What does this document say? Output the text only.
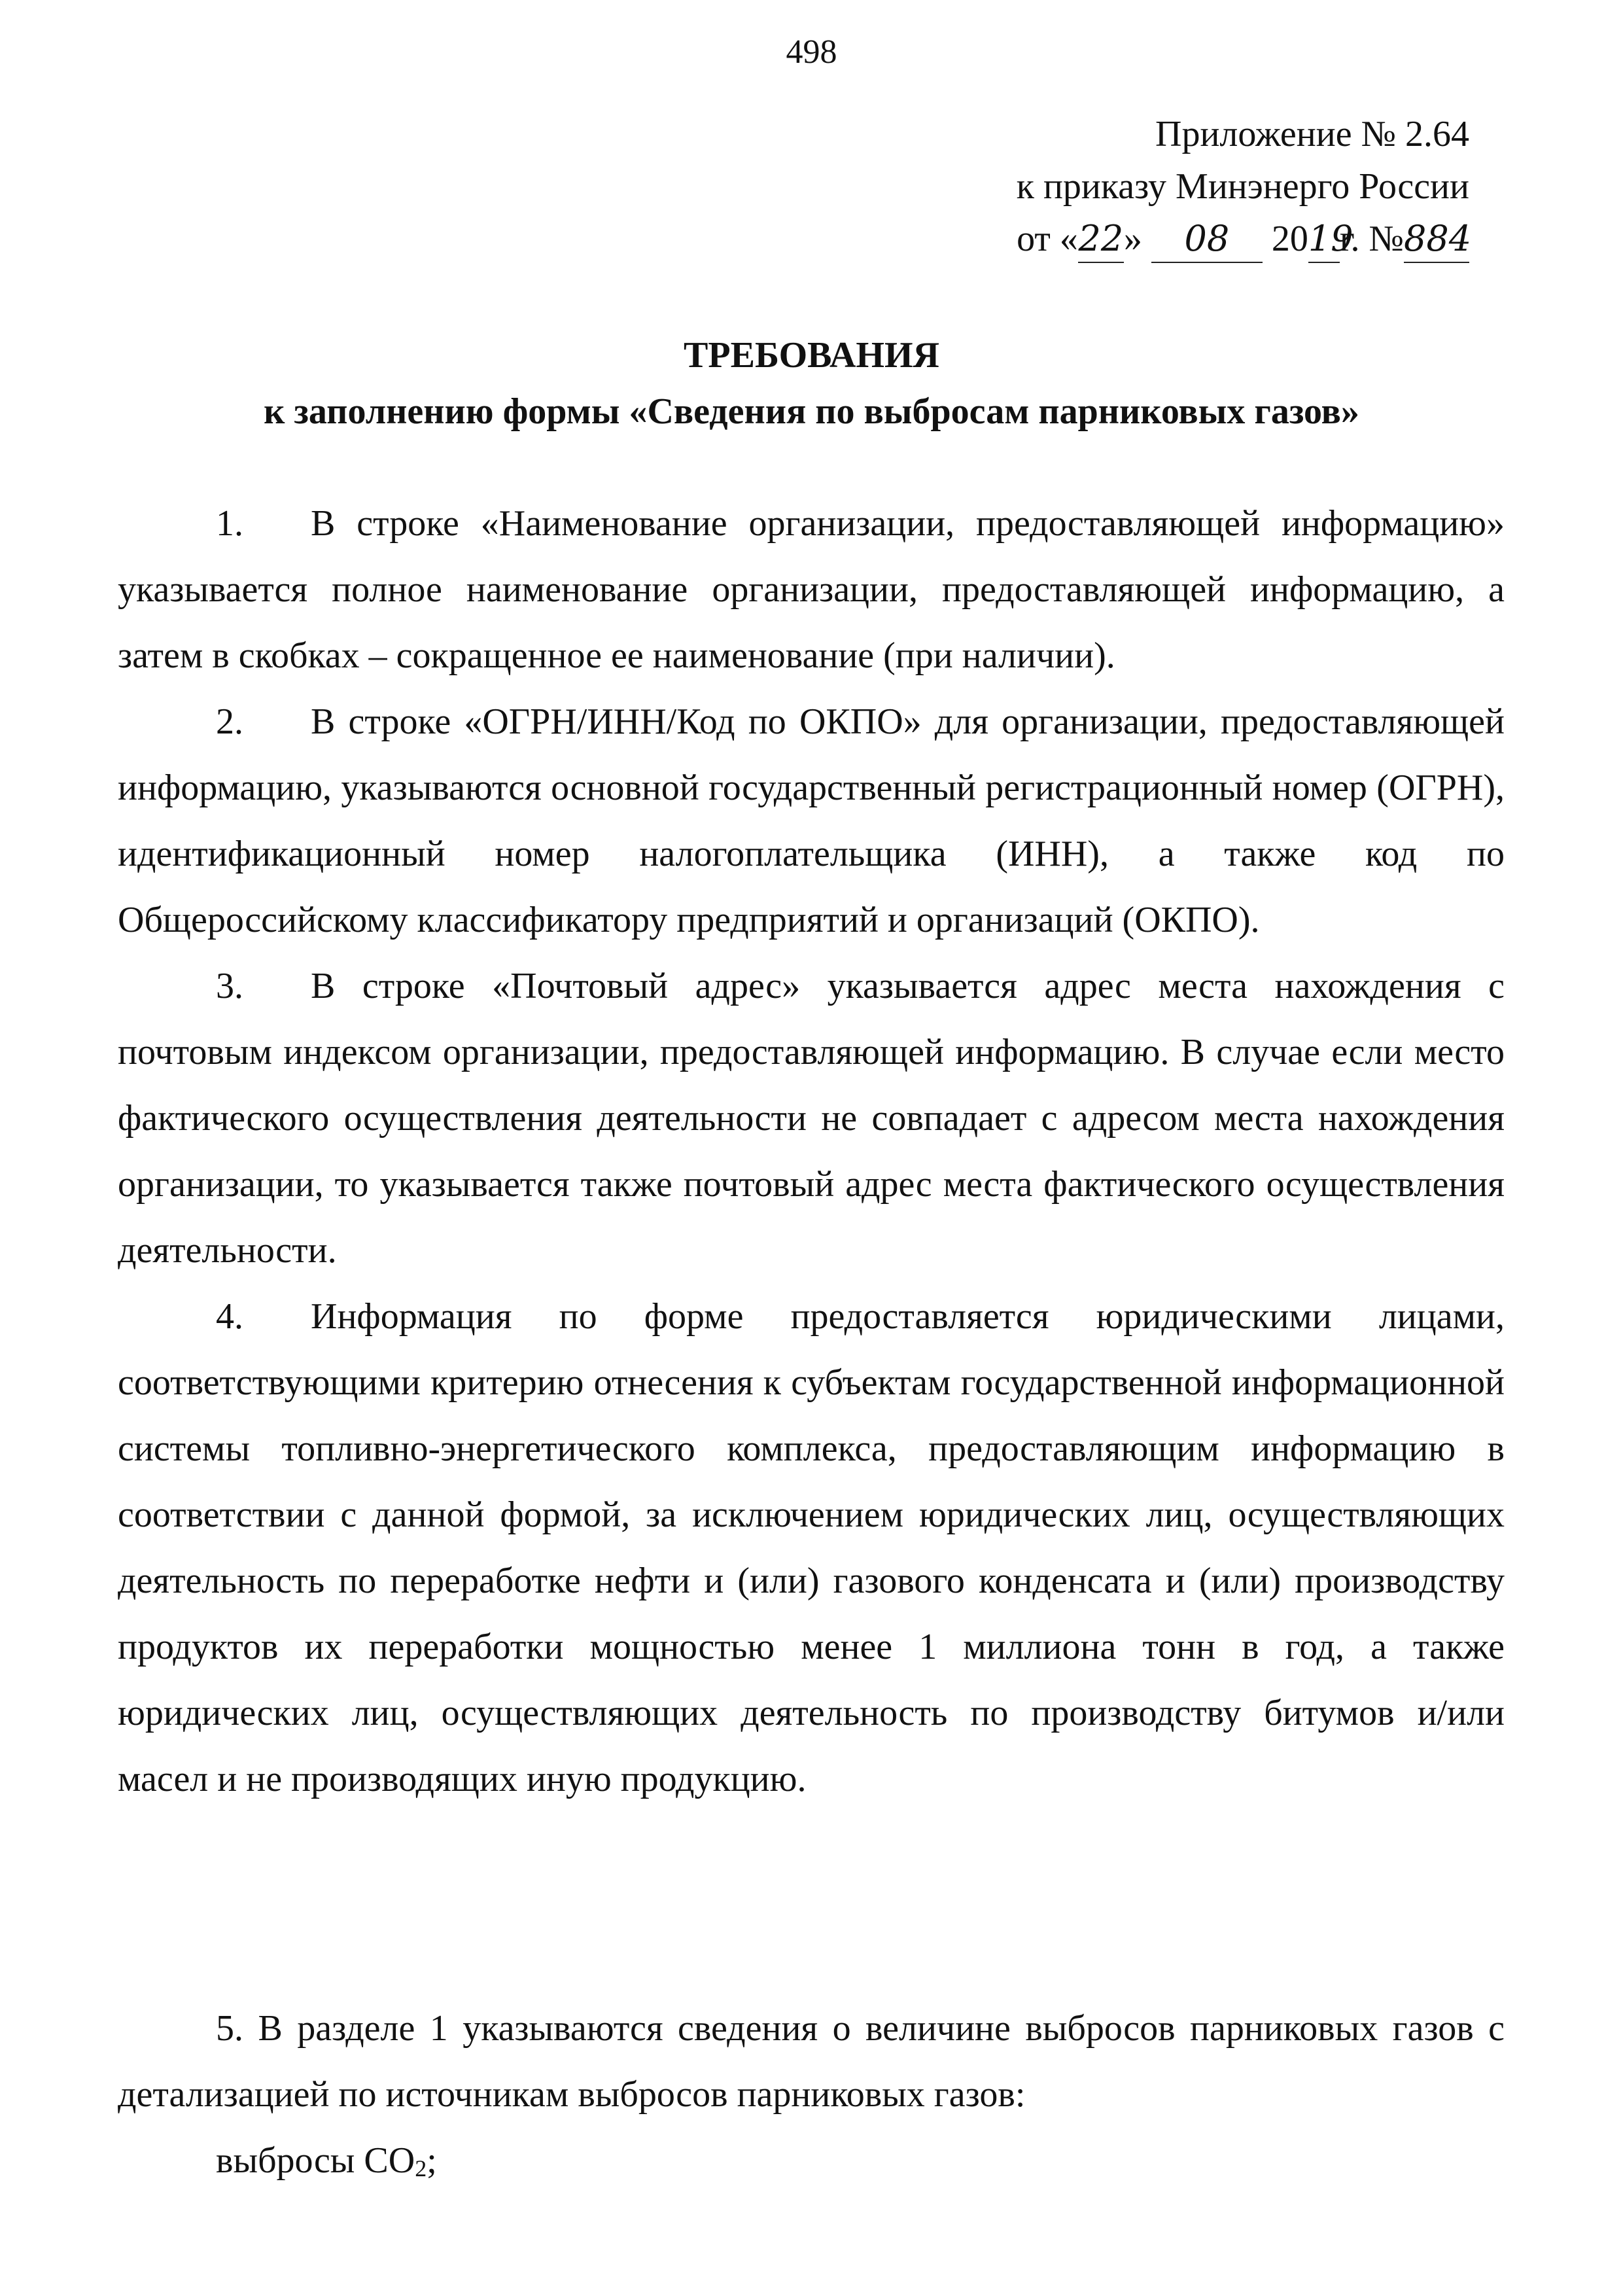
498
Приложение № 2.64
к приказу Минэнерго России
от «22» 08 2019г. №884
ТРЕБОВАНИЯ
к заполнению формы «Сведения по выбросам парниковых газов»

1. В строке «Наименование организации, предоставляющей информацию» указывается полное наименование организации, предоставляющей информацию, а затем в скобках – сокращенное ее наименование (при наличии).

2. В строке «ОГРН/ИНН/Код по ОКПО» для организации, предоставляющей информацию, указываются основной государственный регистрационный номер (ОГРН), идентификационный номер налогоплательщика (ИНН), а также код по Общероссийскому классификатору предприятий и организаций (ОКПО).

3. В строке «Почтовый адрес» указывается адрес места нахождения с почтовым индексом организации, предоставляющей информацию. В случае если место фактического осуществления деятельности не совпадает с адресом места нахождения организации, то указывается также почтовый адрес места фактического осуществления деятельности.

4. Информация по форме предоставляется юридическими лицами, соответствующими критерию отнесения к субъектам государственной информационной системы топливно-энергетического комплекса, предоставляющим информацию в соответствии с данной формой, за исключением юридических лиц, осуществляющих деятельность по переработке нефти и (или) газового конденсата и (или) производству продуктов их переработки мощностью менее 1 миллиона тонн в год, а также юридических лиц, осуществляющих деятельность по производству битумов и/или масел и не производящих иную продукцию.

5. В разделе 1 указываются сведения о величине выбросов парниковых газов с детализацией по источникам выбросов парниковых газов:

выбросы $CO_2$;
